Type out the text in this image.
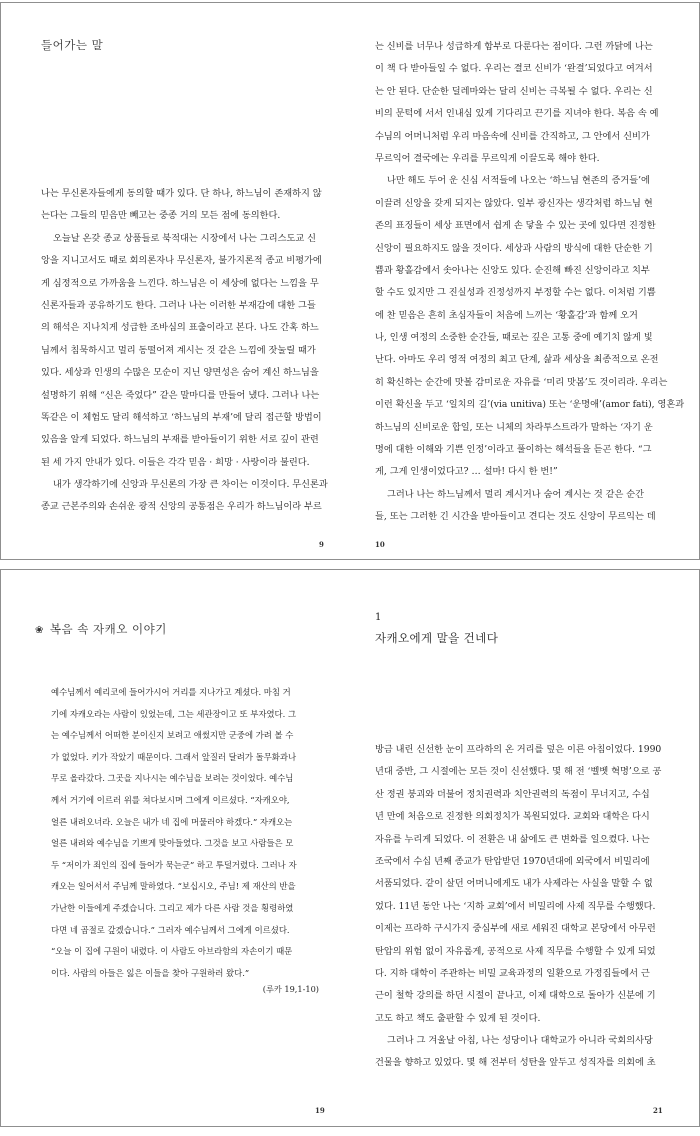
들어가는 말
나는 무신론자들에게 동의할 때가 있다. 단 하나, 하느님이 존재하지 않
는다는 그들의 믿음만 빼고는 중종 거의 모든 점에 동의한다.
오늘날 온갖 종교 상품들로 북적대는 시장에서 나는 그리스도교 신
앙을 지니고서도 때로 회의론자나 무신론자, 불가지론적 종교 비평가에
게 심정적으로 가까움을 느낀다. 하느님은 이 세상에 없다는 느낌을 무
신론자들과 공유하기도 한다. 그러나 나는 이러한 부재감에 대한 그들
의 해석은 지나치게 성급한 조바심의 표출이라고 본다. 나도 간혹 하느
님께서 침묵하시고 멀리 동떨어져 계시는 것 같은 느낌에 잣눌릴 때가
있다. 세상과 인생의 수많은 모순이 지닌 양면성은 숨어 계신 하느님을
설명하기 위해 “신은 죽었다” 같은 말마디를 만들어 냈다. 그러나 나는
똑같은 이 체험도 달리 해석하고 ‘하느님의 부재’에 달리 접근할 방법이
있음을 알게 되었다. 하느님의 부재를 받아들이기 위한 서로 깊이 관련
된 세 가지 안내가 있다. 이들은 각각 믿음 · 희망 · 사랑이라 불린다.
내가 생각하기에 신앙과 무신론의 가장 큰 차이는 이것이다. 무신론과
종교 근본주의와 손쉬운 광적 신앙의 공통점은 우리가 하느님이라 부르
9
는 신비를 너무나 성급하게 함부로 다룬다는 점이다. 그런 까닭에 나는
이 책 다 받아들일 수 없다. 우리는 결코 신비가 ‘완결’되었다고 여겨서
는 안 된다. 단순한 딜레마와는 달리 신비는 극복될 수 없다. 우리는 신
비의 문턱에 서서 인내심 있게 기다리고 끈기를 지녀야 한다. 복음 속 예
수님의 어머니처럼 우리 마음속에 신비를 간직하고, 그 안에서 신비가
무르익어 결국에는 우리를 무르익게 이끌도록 해야 한다.
나만 해도 두어 운 신심 서적들에 나오는 ‘하느님 현존의 증거들’에
이끌려 신앙을 갖게 되지는 않았다. 일부 광신자는 생각처럼 하느님 현
존의 표징들이 세상 표면에서 쉽게 손 닿을 수 있는 곳에 있다면 진정한
신앙이 필요하지도 않을 것이다. 세상과 사람의 방식에 대한 단순한 기
쁨과 황홀감에서 솟아나는 신앙도 있다. 순진해 빠진 신앙이라고 치부
할 수도 있지만 그 진실성과 진정성까지 부정할 수는 없다. 이처럼 기쁨
에 찬 믿음은 흔히 초심자들이 처음에 느끼는 ‘황홀감’과 함께 오거
나, 인생 여정의 소중한 순간들, 때로는 깊은 고통 중에 예기치 않게 빛
난다. 아마도 우리 영적 여정의 최고 단계, 삶과 세상을 최종적으로 온전
히 확신하는 순간에 맛볼 감미로운 자유를 ‘미리 맛봄’도 것이리라. 우리는
이런 확신을 두고 ‘일치의 길’(via unitiva) 또는 ‘운명애’(amor fati), 영혼과
하느님의 신비로운 합일, 또는 니체의 차라투스트라가 말하는 ‘자기 운
명에 대한 이해와 기쁜 인정’이라고 풀이하는 해석들을 듣곤 한다. “그
게, 그게 인생이었다고? … 설마! 다시 한 번!”
그러나 나는 하느님께서 멀리 계시거나 숨어 계시는 것 같은 순간
들, 또는 그러한 긴 시간을 받아들이고 견디는 것도 신앙이 무르익는 데
10
❀ 복음 속 자캐오 이야기
예수님께서 예리코에 들어가시어 거리를 지나가고 계셨다. 마침 거
기에 자캐오라는 사람이 있었는데, 그는 세관장이고 또 부자였다. 그
는 예수님께서 어떠한 분이신지 보려고 애썼지만 군중에 가려 볼 수
가 없었다. 키가 작았기 때문이다. 그래서 앞질러 달려가 돌무화과나
무로 올라갔다. 그곳을 지나시는 예수님을 보려는 것이었다. 예수님
께서 거기에 이르러 위를 쳐다보시며 그에게 이르셨다. “자캐오야,
얼른 내려오너라. 오늘은 내가 네 집에 머물러야 하겠다.” 자캐오는
얼른 내려와 예수님을 기쁘게 맞아들였다. 그것을 보고 사람들은 모
두 “저이가 죄인의 집에 들어가 묵는군” 하고 투덜거렸다. 그러나 자
캐오는 일어서서 주님께 말하였다. “보십시오, 주님! 제 재산의 반을
가난한 이들에게 주겠습니다. 그리고 제가 다른 사람 것을 횡령하였
다면 네 곱절로 갚겠습니다.” 그러자 예수님께서 그에게 이르셨다.
“오늘 이 집에 구원이 내렸다. 이 사람도 아브라함의 자손이기 때문
이다. 사람의 아들은 잃은 이들을 찾아 구원하러 왔다.”
(루카 19,1-10)
19
1
자캐오에게 말을 건네다
방금 내린 신선한 눈이 프라하의 온 거리를 덮은 이른 아침이었다. 1990
년대 중반, 그 시절에는 모든 것이 신선했다. 몇 해 전 ‘벨벳 혁명’으로 공
산 정권 붕괴와 더불어 정치권력과 치안권력의 독점이 무너지고, 수십
년 만에 처음으로 진정한 의회정치가 복원되었다. 교회와 대학은 다시
자유를 누리게 되었다. 이 전환은 내 삶에도 큰 변화를 일으켰다. 나는
조국에서 수십 년째 종교가 탄압받던 1970년대에 외국에서 비밀리에
서품되었다. 같이 살던 어머니에게도 내가 사제라는 사실을 말할 수 없
었다. 11년 동안 나는 ‘지하 교회’에서 비밀리에 사제 직무를 수행했다.
이제는 프라하 구시가지 중심부에 새로 세워진 대학교 본당에서 아무런
탄압의 위험 없이 자유롭게, 공적으로 사제 직무를 수행할 수 있게 되었
다. 지하 대학이 주관하는 비밀 교육과정의 일환으로 가정집들에서 근
근이 철학 강의를 하던 시절이 끝나고, 이제 대학으로 돌아가 신분에 기
고도 하고 책도 출판할 수 있게 된 것이다.
그러나 그 겨울날 아침, 나는 성당이나 대학교가 아니라 국회의사당
건물을 향하고 있었다. 몇 해 전부터 성탄을 앞두고 성직자를 의회에 초
21
